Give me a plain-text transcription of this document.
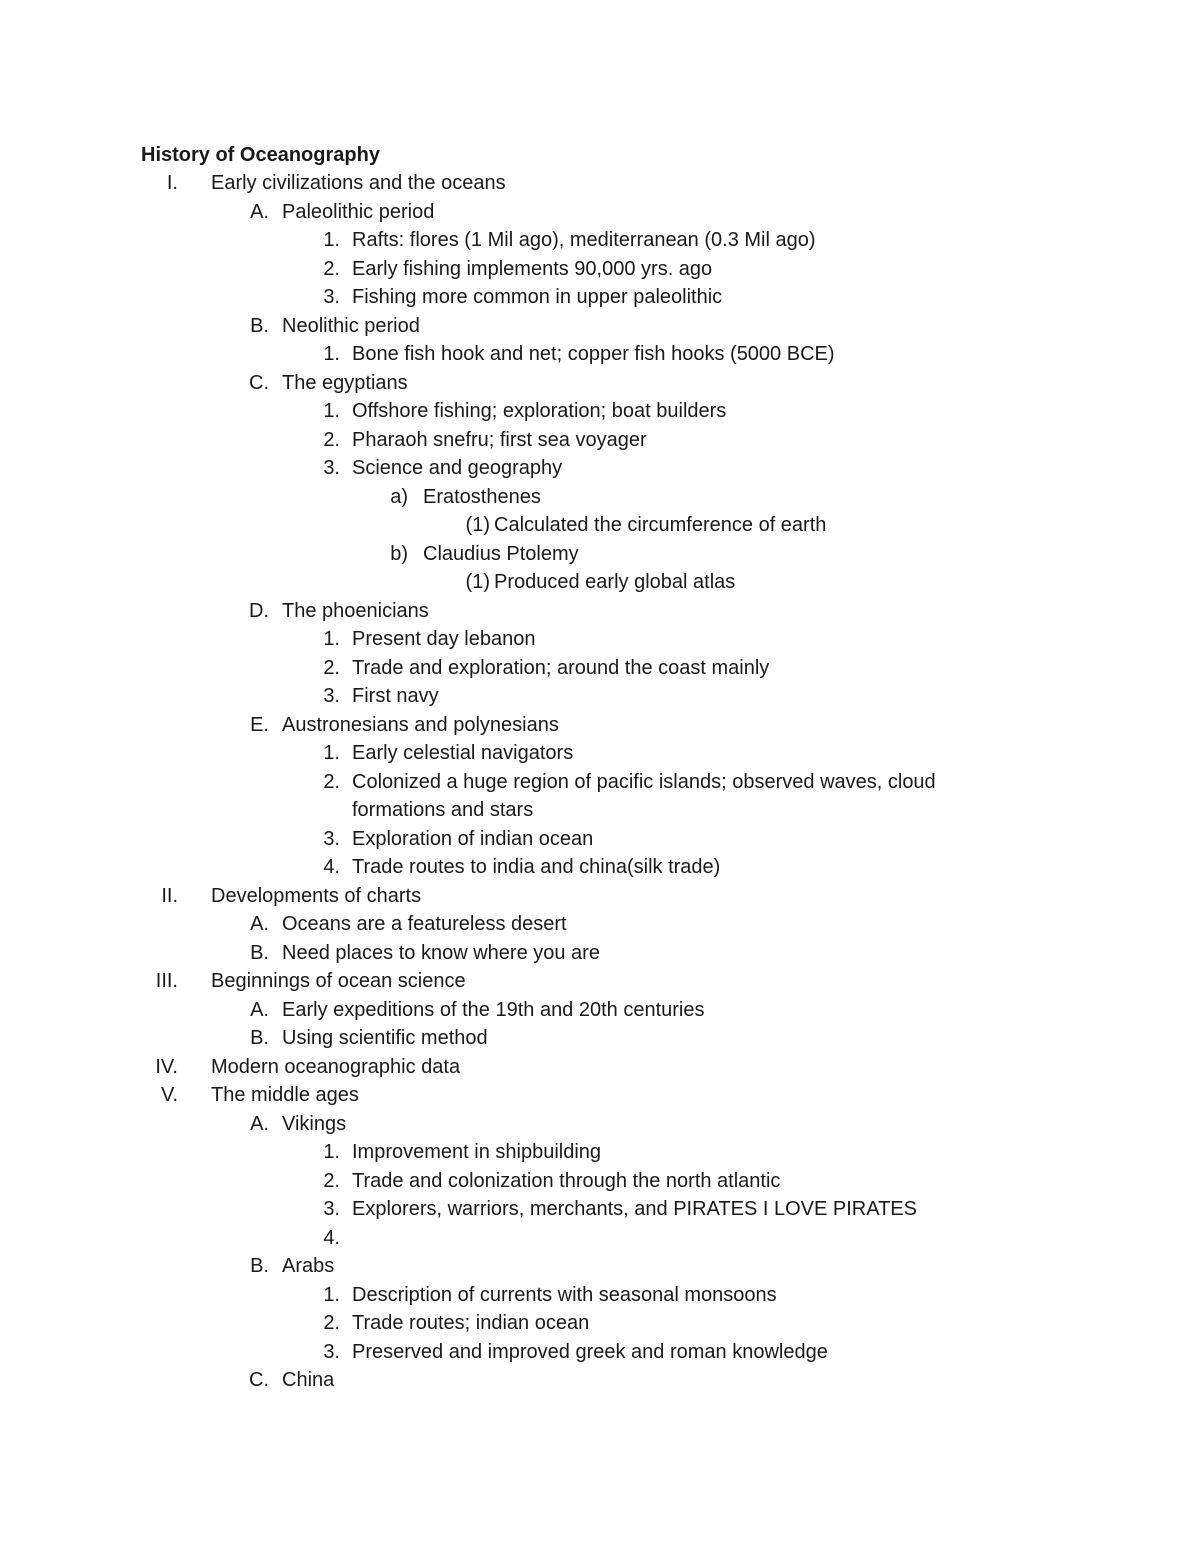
History of Oceanography
I. Early civilizations and the oceans
A. Paleolithic period
1. Rafts: flores (1 Mil ago), mediterranean (0.3 Mil ago)
2. Early fishing implements 90,000 yrs. ago
3. Fishing more common in upper paleolithic
B. Neolithic period
1. Bone fish hook and net; copper fish hooks (5000 BCE)
C. The egyptians
1. Offshore fishing; exploration; boat builders
2. Pharaoh snefru; first sea voyager
3. Science and geography
a) Eratosthenes
(1) Calculated the circumference of earth
b) Claudius Ptolemy
(1) Produced early global atlas
D. The phoenicians
1. Present day lebanon
2. Trade and exploration; around the coast mainly
3. First navy
E. Austronesians and polynesians
1. Early celestial navigators
2. Colonized a huge region of pacific islands; observed waves, cloud
formations and stars
3. Exploration of indian ocean
4. Trade routes to india and china(silk trade)
II. Developments of charts
A. Oceans are a featureless desert
B. Need places to know where you are
III. Beginnings of ocean science
A. Early expeditions of the 19th and 20th centuries
B. Using scientific method
IV. Modern oceanographic data
V. The middle ages
A. Vikings
1. Improvement in shipbuilding
2. Trade and colonization through the north atlantic
3. Explorers, warriors, merchants, and PIRATES I LOVE PIRATES
4.
B. Arabs
1. Description of currents with seasonal monsoons
2. Trade routes; indian ocean
3. Preserved and improved greek and roman knowledge
C. China
